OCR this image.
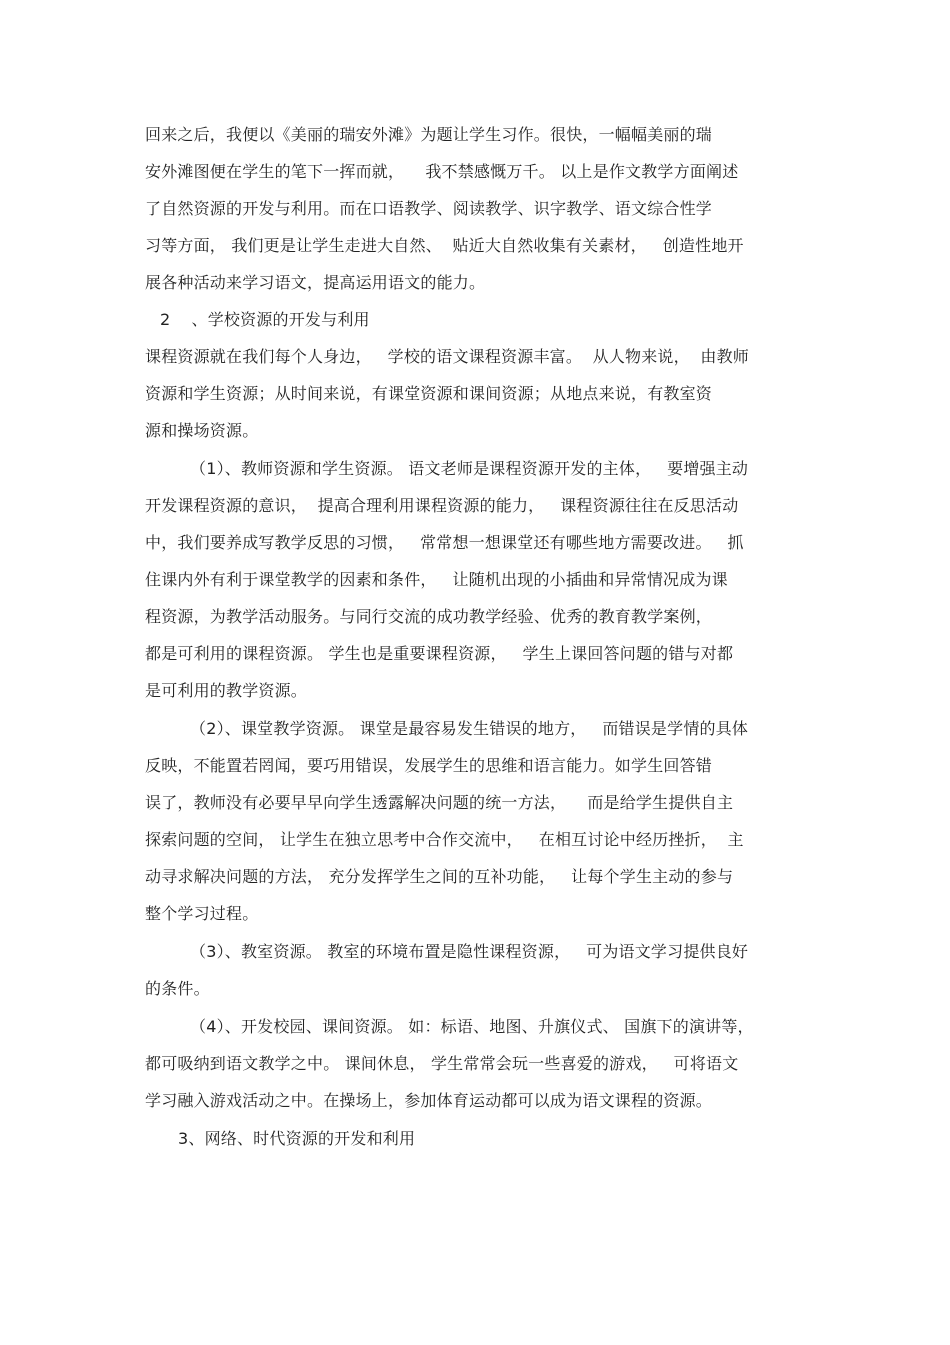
回来之后，我便以《美丽的瑞安外滩》为题让学生习作。很快，一幅幅美丽的瑞
安外滩图便在学生的笔下一挥而就，    我不禁感慨万千。 以上是作文教学方面阐述
了自然资源的开发与利用。而在口语教学、阅读教学、识字教学、语文综合性学
习等方面， 我们更是让学生走进大自然、  贴近大自然收集有关素材，   创造性地开
展各种活动来学习语文，提高运用语文的能力。
2    、学校资源的开发与利用
课程资源就在我们每个人身边，   学校的语文课程资源丰富。  从人物来说，  由教师
资源和学生资源；从时间来说，有课堂资源和课间资源；从地点来说，有教室资
源和操场资源。
（1）、教师资源和学生资源。 语文老师是课程资源开发的主体，   要增强主动
开发课程资源的意识，  提高合理利用课程资源的能力，   课程资源往往在反思活动
中，我们要养成写教学反思的习惯，   常常想一想课堂还有哪些地方需要改进。   抓
住课内外有利于课堂教学的因素和条件，   让随机出现的小插曲和异常情况成为课
程资源，为教学活动服务。与同行交流的成功教学经验、优秀的教育教学案例，
都是可利用的课程资源。 学生也是重要课程资源，   学生上课回答问题的错与对都
是可利用的教学资源。
（2）、课堂教学资源。 课堂是最容易发生错误的地方，   而错误是学情的具体
反映，不能置若罔闻，要巧用错误，发展学生的思维和语言能力。如学生回答错
误了，教师没有必要早早向学生透露解决问题的统一方法，    而是给学生提供自主
探索问题的空间， 让学生在独立思考中合作交流中，   在相互讨论中经历挫折，  主
动寻求解决问题的方法， 充分发挥学生之间的互补功能，   让每个学生主动的参与
整个学习过程。
（3）、教室资源。 教室的环境布置是隐性课程资源，   可为语文学习提供良好
的条件。
（4）、开发校园、课间资源。 如：标语、地图、升旗仪式、 国旗下的演讲等，
都可吸纳到语文教学之中。 课间休息， 学生常常会玩一些喜爱的游戏，   可将语文
学习融入游戏活动之中。在操场上，参加体育运动都可以成为语文课程的资源。
3、网络、时代资源的开发和利用
